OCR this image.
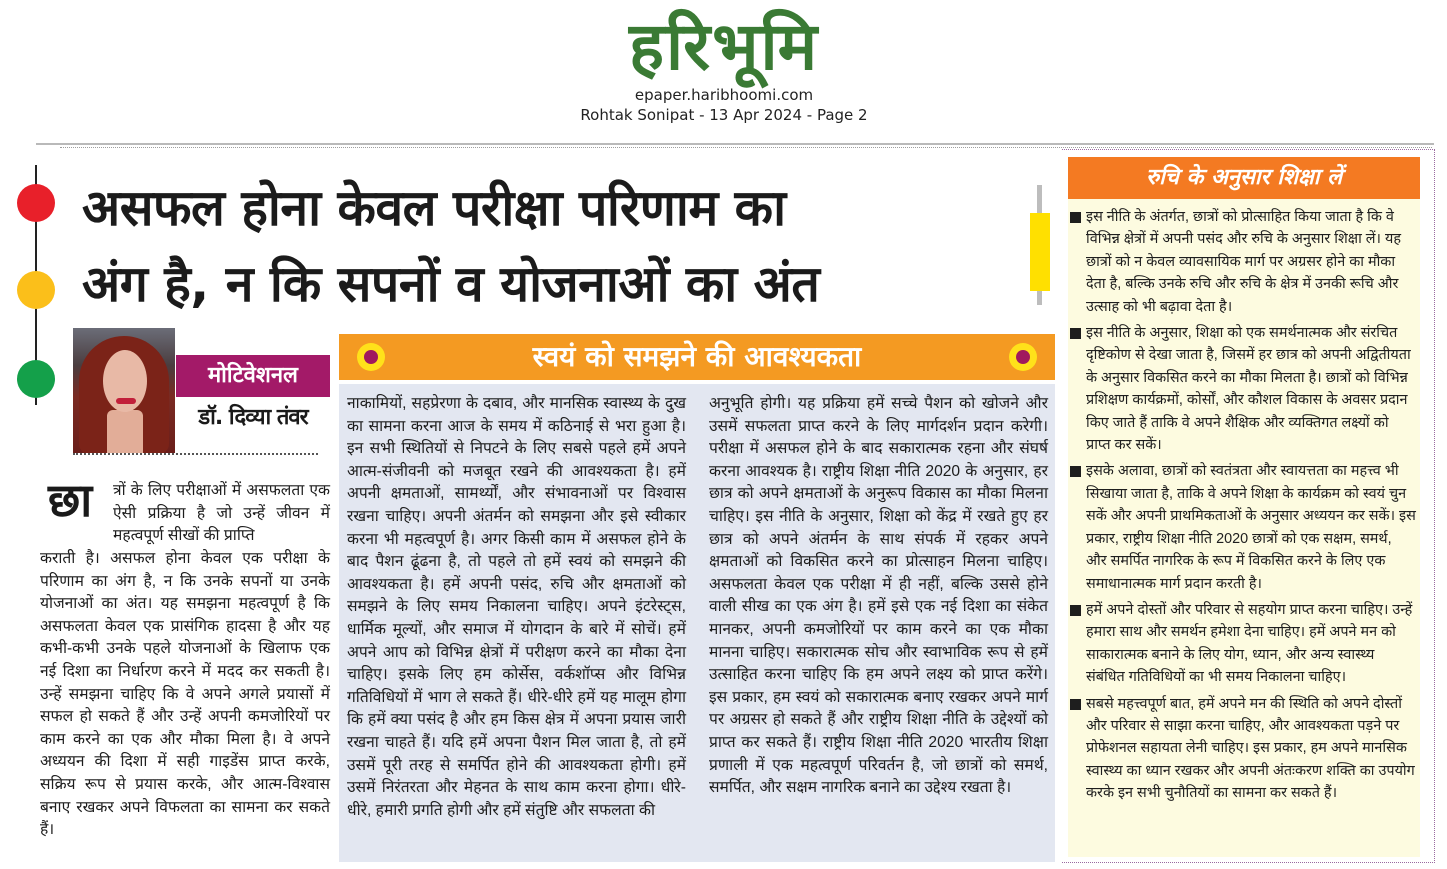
हरिभूमि
epaper.haribhoomi.com
Rohtak Sonipat - 13 Apr 2024 - Page 2
असफल होना केवल परीक्षा परिणाम का
अंग है, न कि सपनों व योजनाओं का अंत
मोटिवेशनल
डॉ. दिव्या तंवर
छा त्रों के लिए परीक्षाओं में असफलता एक ऐसी प्रक्रिया है जो उन्हें जीवन में महत्वपूर्ण सीखों की प्राप्ति
कराती है। असफल होना केवल एक परीक्षा के परिणाम का अंग है, न कि उनके सपनों या उनके योजनाओं का अंत। यह समझना महत्वपूर्ण है कि असफलता केवल एक प्रासंगिक हादसा है और यह कभी-कभी उनके पहले योजनाओं के खिलाफ एक नई दिशा का निर्धारण करने में मदद कर सकती है। उन्हें समझना चाहिए कि वे अपने अगले प्रयासों में सफल हो सकते हैं और उन्हें अपनी कमजोरियों पर काम करने का एक और मौका मिला है। वे अपने अध्ययन की दिशा में सही गाइडेंस प्राप्त करके, सक्रिय रूप से प्रयास करके, और आत्म-विश्वास बनाए रखकर अपने विफलता का सामना कर सकते हैं।
स्वयं को समझने की आवश्यकता
नाकामियों, सहप्रेरणा के दबाव, और मानसिक स्वास्थ्य के दुख का सामना करना आज के समय में कठिनाई से भरा हुआ है। इन सभी स्थितियों से निपटने के लिए सबसे पहले हमें अपने आत्म-संजीवनी को मजबूत रखने की आवश्यकता है। हमें अपनी क्षमताओं, सामर्थ्यों, और संभावनाओं पर विश्वास रखना चाहिए। अपनी अंतर्मन को समझना और इसे स्वीकार करना भी महत्वपूर्ण है। अगर किसी काम में असफल होने के बाद पैशन ढूंढना है, तो पहले तो हमें स्वयं को समझने की आवश्यकता है। हमें अपनी पसंद, रुचि और क्षमताओं को समझने के लिए समय निकालना चाहिए। अपने इंटरेस्ट्स, धार्मिक मूल्यों, और समाज में योगदान के बारे में सोचें। हमें अपने आप को विभिन्न क्षेत्रों में परीक्षण करने का मौका देना चाहिए। इसके लिए हम कोर्सेस, वर्कशॉप्स और विभिन्न गतिविधियों में भाग ले सकते हैं। धीरे-धीरे हमें यह मालूम होगा कि हमें क्या पसंद है और हम किस क्षेत्र में अपना प्रयास जारी रखना चाहते हैं। यदि हमें अपना पैशन मिल जाता है, तो हमें उसमें पूरी तरह से समर्पित होने की आवश्यकता होगी। हमें उसमें निरंतरता और मेहनत के साथ काम करना होगा। धीरे-धीरे, हमारी प्रगति होगी और हमें संतुष्टि और सफलता की
अनुभूति होगी। यह प्रक्रिया हमें सच्चे पैशन को खोजने और उसमें सफलता प्राप्त करने के लिए मार्गदर्शन प्रदान करेगी। परीक्षा में असफल होने के बाद सकारात्मक रहना और संघर्ष करना आवश्यक है। राष्ट्रीय शिक्षा नीति 2020 के अनुसार, हर छात्र को अपने क्षमताओं के अनुरूप विकास का मौका मिलना चाहिए। इस नीति के अनुसार, शिक्षा को केंद्र में रखते हुए हर छात्र को अपने अंतर्मन के साथ संपर्क में रहकर अपने क्षमताओं को विकसित करने का प्रोत्साहन मिलना चाहिए। असफलता केवल एक परीक्षा में ही नहीं, बल्कि उससे होने वाली सीख का एक अंग है। हमें इसे एक नई दिशा का संकेत मानकर, अपनी कमजोरियों पर काम करने का एक मौका मानना चाहिए। सकारात्मक सोच और स्वाभाविक रूप से हमें उत्साहित करना चाहिए कि हम अपने लक्ष्य को प्राप्त करेंगे। इस प्रकार, हम स्वयं को सकारात्मक बनाए रखकर अपने मार्ग पर अग्रसर हो सकते हैं और राष्ट्रीय शिक्षा नीति के उद्देश्यों को प्राप्त कर सकते हैं। राष्ट्रीय शिक्षा नीति 2020 भारतीय शिक्षा प्रणाली में एक महत्वपूर्ण परिवर्तन है, जो छात्रों को समर्थ, समर्पित, और सक्षम नागरिक बनाने का उद्देश्य रखता है।
रुचि के अनुसार शिक्षा लें
इस नीति के अंतर्गत, छात्रों को प्रोत्साहित किया जाता है कि वे विभिन्न क्षेत्रों में अपनी पसंद और रुचि के अनुसार शिक्षा लें। यह छात्रों को न केवल व्यावसायिक मार्ग पर अग्रसर होने का मौका देता है, बल्कि उनके रुचि और रुचि के क्षेत्र में उनकी रूचि और उत्साह को भी बढ़ावा देता है।
इस नीति के अनुसार, शिक्षा को एक समर्थनात्मक और संरचित दृष्टिकोण से देखा जाता है, जिसमें हर छात्र को अपनी अद्वितीयता के अनुसार विकसित करने का मौका मिलता है। छात्रों को विभिन्न प्रशिक्षण कार्यक्रमों, कोर्सों, और कौशल विकास के अवसर प्रदान किए जाते हैं ताकि वे अपने शैक्षिक और व्यक्तिगत लक्ष्यों को प्राप्त कर सकें।
इसके अलावा, छात्रों को स्वतंत्रता और स्वायत्तता का महत्त्व भी सिखाया जाता है, ताकि वे अपने शिक्षा के कार्यक्रम को स्वयं चुन सकें और अपनी प्राथमिकताओं के अनुसार अध्ययन कर सकें। इस प्रकार, राष्ट्रीय शिक्षा नीति 2020 छात्रों को एक सक्षम, समर्थ, और समर्पित नागरिक के रूप में विकसित करने के लिए एक समाधानात्मक मार्ग प्रदान करती है।
हमें अपने दोस्तों और परिवार से सहयोग प्राप्त करना चाहिए। उन्हें हमारा साथ और समर्थन हमेशा देना चाहिए। हमें अपने मन को साकारात्मक बनाने के लिए योग, ध्यान, और अन्य स्वास्थ्य संबंधित गतिविधियों का भी समय निकालना चाहिए।
सबसे महत्त्वपूर्ण बात, हमें अपने मन की स्थिति को अपने दोस्तों और परिवार से साझा करना चाहिए, और आवश्यकता पड़ने पर प्रोफेशनल सहायता लेनी चाहिए। इस प्रकार, हम अपने मानसिक स्वास्थ्य का ध्यान रखकर और अपनी अंतःकरण शक्ति का उपयोग करके इन सभी चुनौतियों का सामना कर सकते हैं।
